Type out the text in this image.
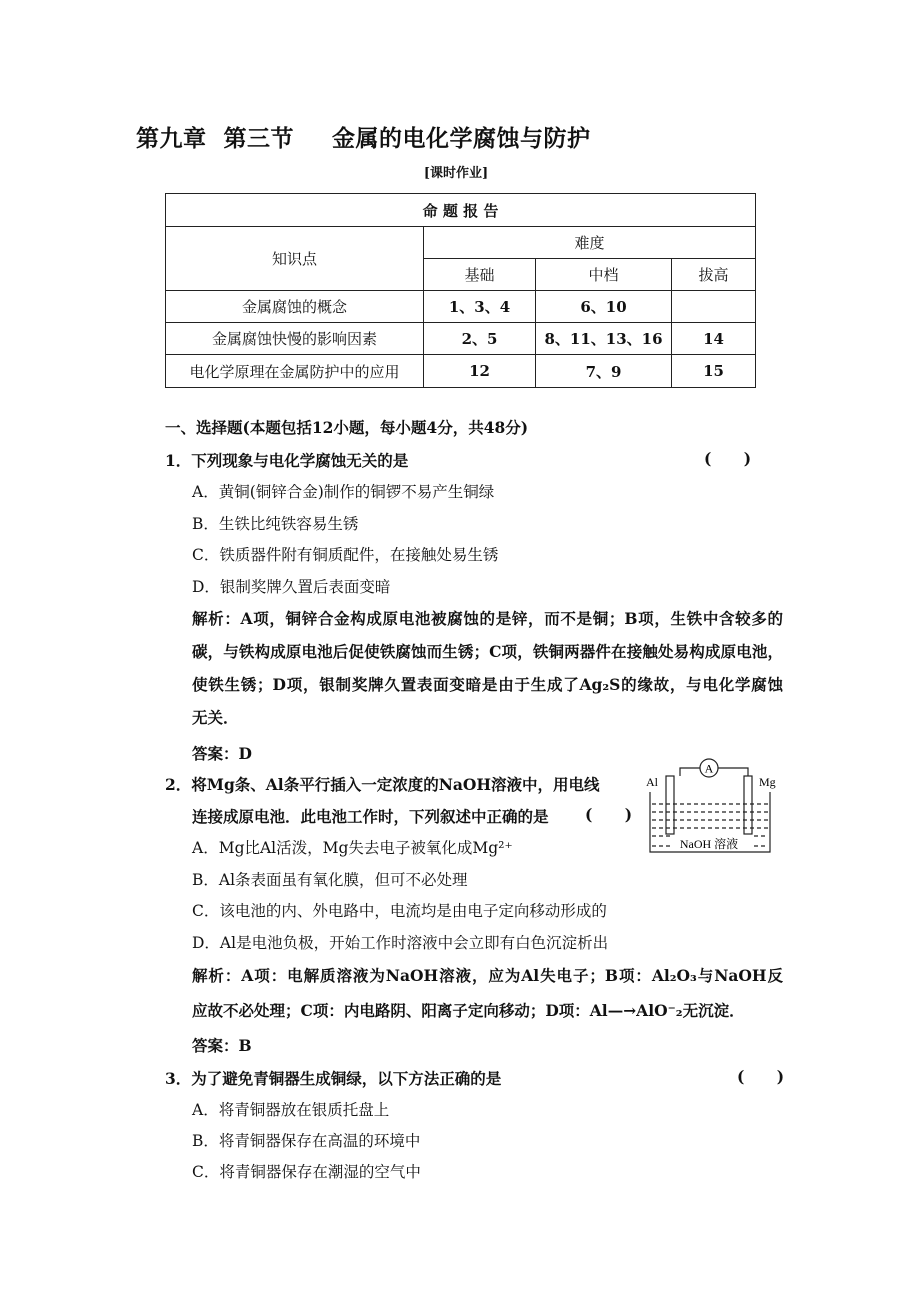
第九章  第三节 金属的电化学腐蚀与防护
[课时作业]
命 题 报 告			
知识点	难度		
	基础	中档	拔高
金属腐蚀的概念	1、3、4	6、10	
金属腐蚀快慢的影响因素	2、5	8、11、13、16	14
电化学原理在金属防护中的应用	12	7、9	15
一、选择题(本题包括12小题，每小题4分，共48分)
1．下列现象与电化学腐蚀无关的是	(      )
A．黄铜(铜锌合金)制作的铜锣不易产生铜绿
B．生铁比纯铁容易生锈
C．铁质器件附有铜质配件，在接触处易生锈
D．银制奖牌久置后表面变暗
解析：A项，铜锌合金构成原电池被腐蚀的是锌，而不是铜；B项，生铁中含较多的
碳，与铁构成原电池后促使铁腐蚀而生锈；C项，铁铜两器件在接触处易构成原电池，
使铁生锈；D项，银制奖牌久置表面变暗是由于生成了Ag₂S的缘故，与电化学腐蚀
无关．
答案：D
2．将Mg条、Al条平行插入一定浓度的NaOH溶液中，用电线
连接成原电池．此电池工作时，下列叙述中正确的是 (      )
A
Al	Mg
NaOH 溶液
A．Mg比Al活泼，Mg失去电子被氧化成Mg²⁺
B．Al条表面虽有氧化膜，但可不必处理
C．该电池的内、外电路中，电流均是由电子定向移动形成的
D．Al是电池负极，开始工作时溶液中会立即有白色沉淀析出
解析：A项：电解质溶液为NaOH溶液，应为Al失电子；B项：Al₂O₃与NaOH反
应故不必处理；C项：内电路阴、阳离子定向移动；D项：Al—→AlO⁻₂无沉淀．
答案：B
3．为了避免青铜器生成铜绿，以下方法正确的是	(      )
A．将青铜器放在银质托盘上
B．将青铜器保存在高温的环境中
C．将青铜器保存在潮湿的空气中
